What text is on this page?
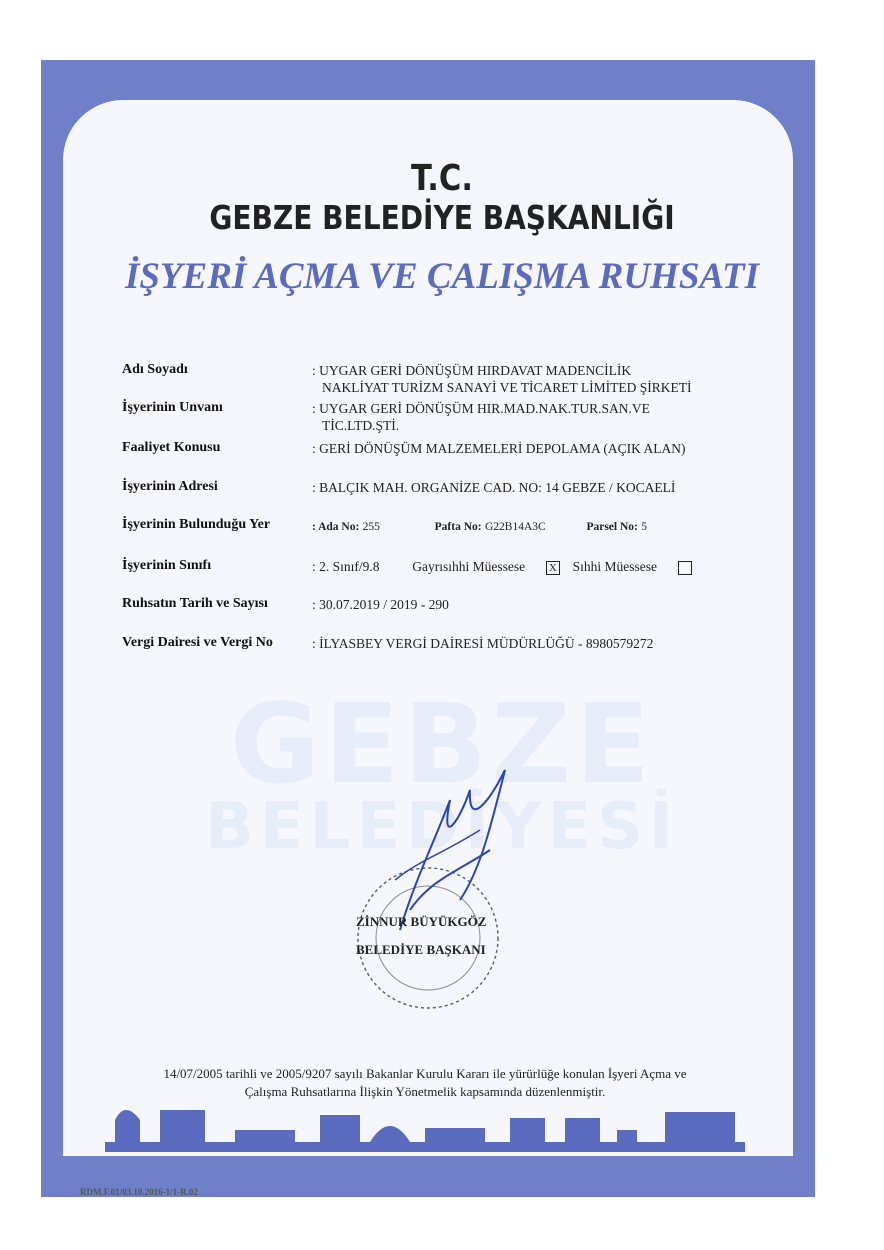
GEBZE
BELEDİYESİ
T.C.
GEBZE BELEDİYE BAŞKANLIĞI
İŞYERİ AÇMA VE ÇALIŞMA RUHSATI
Adı Soyadı	: UYGAR GERİ DÖNÜŞÜM HIRDAVAT MADENCİLİK
NAKLİYAT TURİZM SANAYİ VE TİCARET LİMİTED ŞİRKETİ
İşyerinin Unvanı	: UYGAR GERİ DÖNÜŞÜM HIR.MAD.NAK.TUR.SAN.VE
TİC.LTD.ŞTİ.
Faaliyet Konusu	: GERİ DÖNÜŞÜM MALZEMELERİ DEPOLAMA (AÇIK ALAN)
İşyerinin Adresi	: BALÇIK MAH. ORGANİZE CAD. NO: 14 GEBZE / KOCAELİ
İşyerinin Bulunduğu Yer	: Ada No: 255	Pafta No: G22B14A3C	Parsel No: 5
İşyerinin Sınıfı	: 2. Sınıf/9.8 Gayrısıhhi Müessese X Sıhhi Müessese
Ruhsatın Tarih ve Sayısı	: 30.07.2019 / 2019 - 290
Vergi Dairesi ve Vergi No	: İLYASBEY VERGİ DAİRESİ MÜDÜRLÜĞÜ - 8980579272
ZİNNUR BÜYÜKGÖZ
BELEDİYE BAŞKANI
14/07/2005 tarihli ve 2005/9207 sayılı Bakanlar Kurulu Kararı ile yürürlüğe konulan İşyeri Açma ve
Çalışma Ruhsatlarına İlişkin Yönetmelik kapsamında düzenlenmiştir.
RDM.F.01/03.10.2016-1/1-R.02
